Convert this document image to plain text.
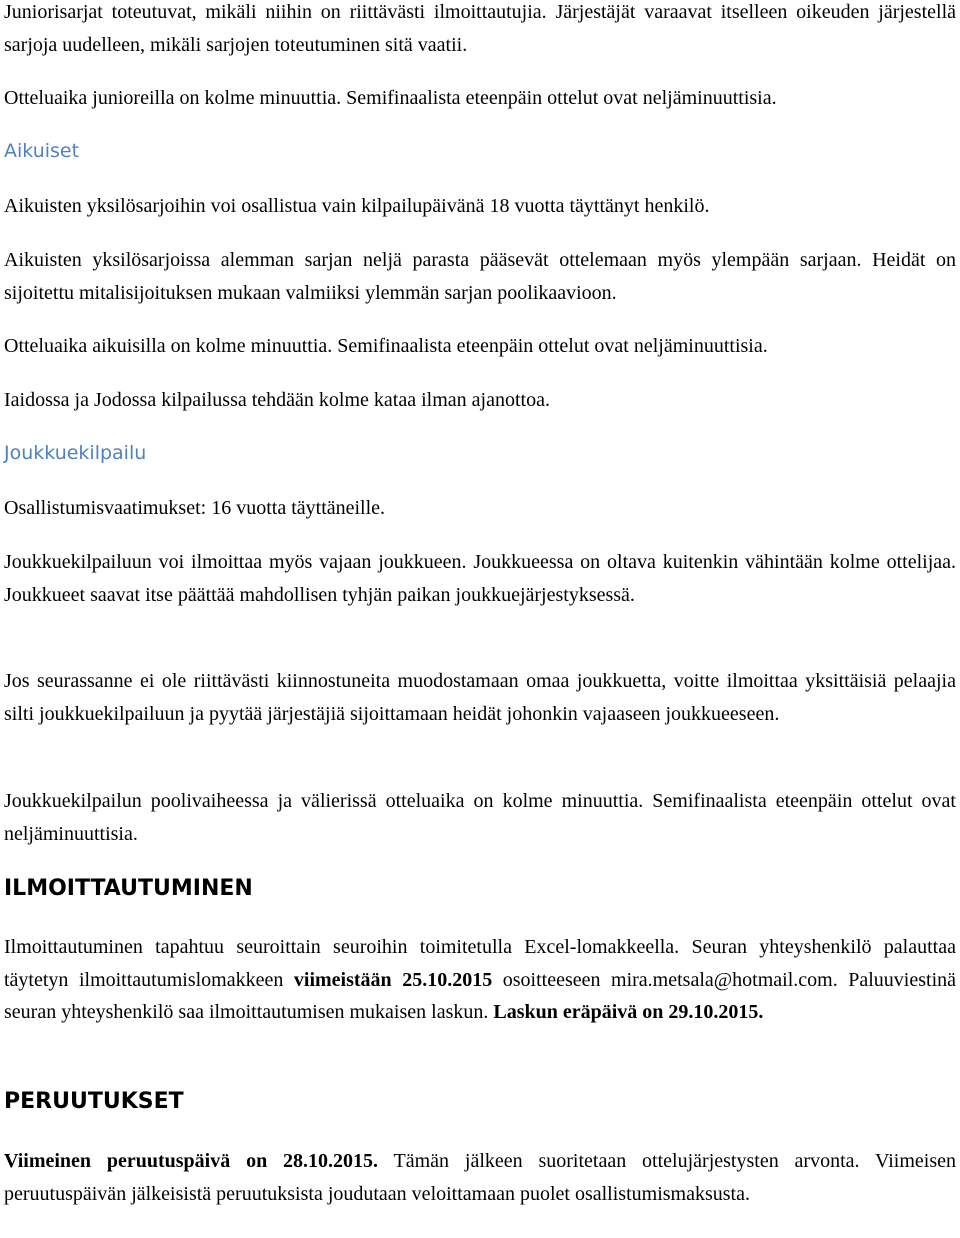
Juniorisarjat toteutuvat, mikäli niihin on riittävästi ilmoittautujia. Järjestäjät varaavat itselleen oikeuden järjestellä sarjoja uudelleen, mikäli sarjojen toteutuminen sitä vaatii.

Otteluaika junioreilla on kolme minuuttia. Semifinaalista eteenpäin ottelut ovat neljäminuuttisia.

Aikuiset

Aikuisten yksilösarjoihin voi osallistua vain kilpailupäivänä 18 vuotta täyttänyt henkilö.

Aikuisten yksilösarjoissa alemman sarjan neljä parasta pääsevät ottelemaan myös ylempään sarjaan. Heidät on sijoitettu mitalisijoituksen mukaan valmiiksi ylemmän sarjan poolikaavioon.

Otteluaika aikuisilla on kolme minuuttia. Semifinaalista eteenpäin ottelut ovat neljäminuuttisia.

Iaidossa ja Jodossa kilpailussa tehdään kolme kataa ilman ajanottoa.

Joukkuekilpailu

Osallistumisvaatimukset: 16 vuotta täyttäneille.

Joukkuekilpailuun voi ilmoittaa myös vajaan joukkueen. Joukkueessa on oltava kuitenkin vähintään kolme ottelijaa. Joukkueet saavat itse päättää mahdollisen tyhjän paikan joukkuejärjestyksessä.

Jos seurassanne ei ole riittävästi kiinnostuneita muodostamaan omaa joukkuetta, voitte ilmoittaa yksittäisiä pelaajia silti joukkuekilpailuun ja pyytää järjestäjiä sijoittamaan heidät johonkin vajaaseen joukkueeseen.

Joukkuekilpailun poolivaiheessa ja välierissä otteluaika on kolme minuuttia. Semifinaalista eteenpäin ottelut ovat neljäminuuttisia.

ILMOITTAUTUMINEN

Ilmoittautuminen tapahtuu seuroittain seuroihin toimitetulla Excel-lomakkeella. Seuran yhteyshenkilö palauttaa täytetyn ilmoittautumislomakkeen viimeistään 25.10.2015 osoitteeseen mira.metsala@hotmail.com. Paluuviestinä seuran yhteyshenkilö saa ilmoittautumisen mukaisen laskun. Laskun eräpäivä on 29.10.2015.

PERUUTUKSET

Viimeinen peruutuspäivä on 28.10.2015. Tämän jälkeen suoritetaan ottelujärjestysten arvonta. Viimeisen peruutuspäivän jälkeisistä peruutuksista joudutaan veloittamaan puolet osallistumismaksusta.
